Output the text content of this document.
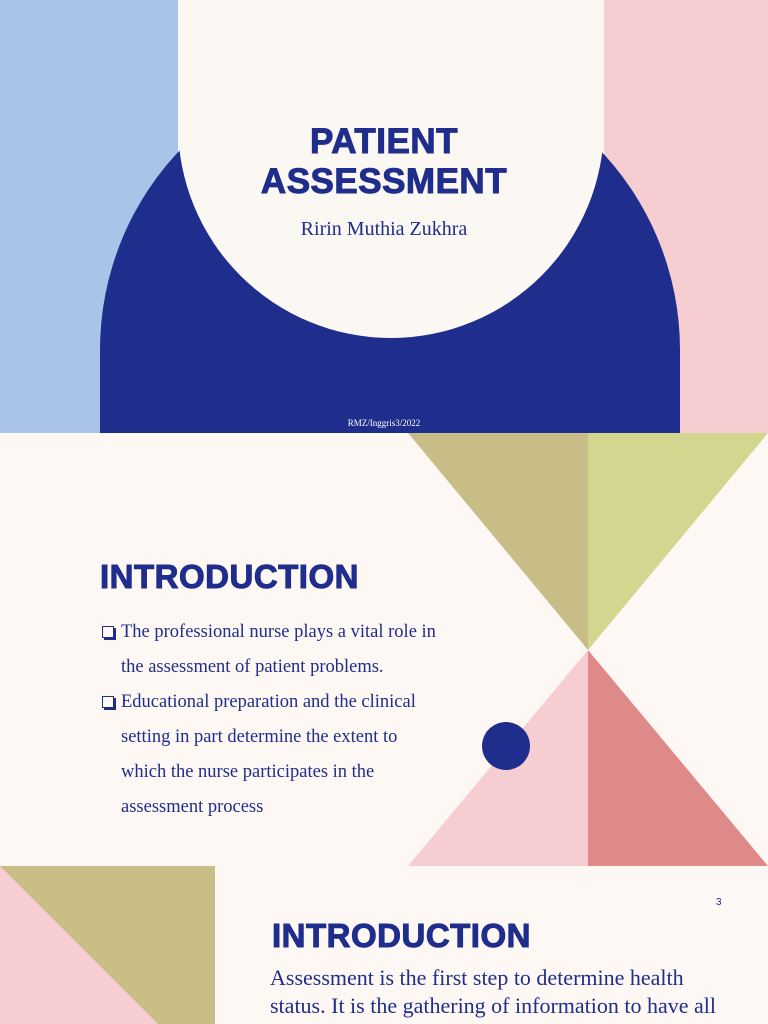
PATIENT
ASSESSMENT
Ririn Muthia Zukhra
RMZ/Inggris3/2022
INTRODUCTION
The professional nurse plays a vital role in
the assessment of patient problems.
Educational preparation and the clinical
setting in part determine the extent to
which the nurse participates in the
assessment process
3
INTRODUCTION
Assessment is the first step to determine health
status. It is the gathering of information to have all
